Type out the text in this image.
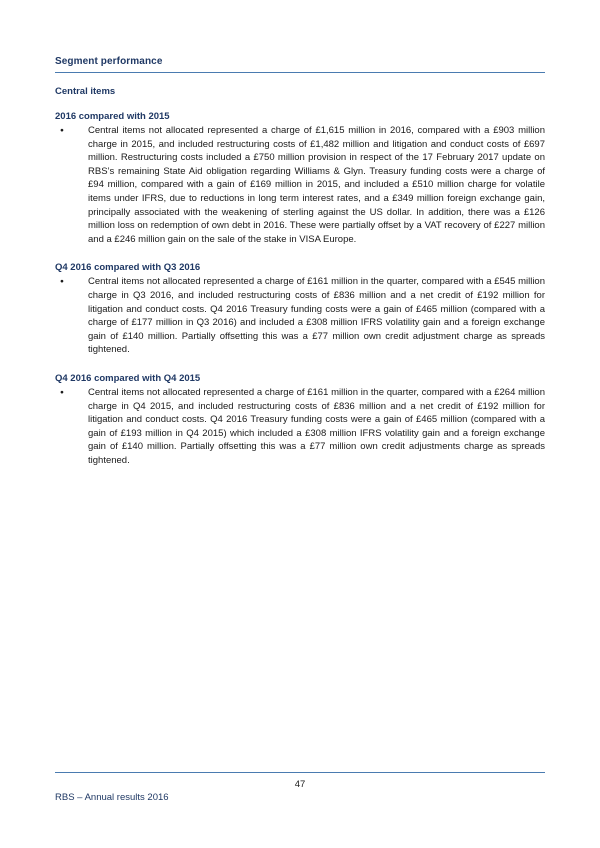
Segment performance
Central items
2016 compared with 2015
●	Central items not allocated represented a charge of £1,615 million in 2016, compared with a £903 million charge in 2015, and included restructuring costs of £1,482 million and litigation and conduct costs of £697 million. Restructuring costs included a £750 million provision in respect of the 17 February 2017 update on RBS’s remaining State Aid obligation regarding Williams & Glyn. Treasury funding costs were a charge of £94 million, compared with a gain of £169 million in 2015, and included a £510 million charge for volatile items under IFRS, due to reductions in long term interest rates, and a £349 million foreign exchange gain, principally associated with the weakening of sterling against the US dollar. In addition, there was a £126 million loss on redemption of own debt in 2016. These were partially offset by a VAT recovery of £227 million and a £246 million gain on the sale of the stake in VISA Europe.

Q4 2016 compared with Q3 2016
●	Central items not allocated represented a charge of £161 million in the quarter, compared with a £545 million charge in Q3 2016, and included restructuring costs of £836 million and a net credit of £192 million for litigation and conduct costs. Q4 2016 Treasury funding costs were a gain of £465 million (compared with a charge of £177 million in Q3 2016) and included a £308 million IFRS volatility gain and a foreign exchange gain of £140 million. Partially offsetting this was a £77 million own credit adjustment charge as spreads tightened.

Q4 2016 compared with Q4 2015
●	Central items not allocated represented a charge of £161 million in the quarter, compared with a £264 million charge in Q4 2015, and included restructuring costs of £836 million and a net credit of £192 million for litigation and conduct costs. Q4 2016 Treasury funding costs were a gain of £465 million (compared with a gain of £193 million in Q4 2015) which included a £308 million IFRS volatility gain and a foreign exchange gain of £140 million. Partially offsetting this was a £77 million own credit adjustments charge as spreads tightened.

47
RBS – Annual results 2016
